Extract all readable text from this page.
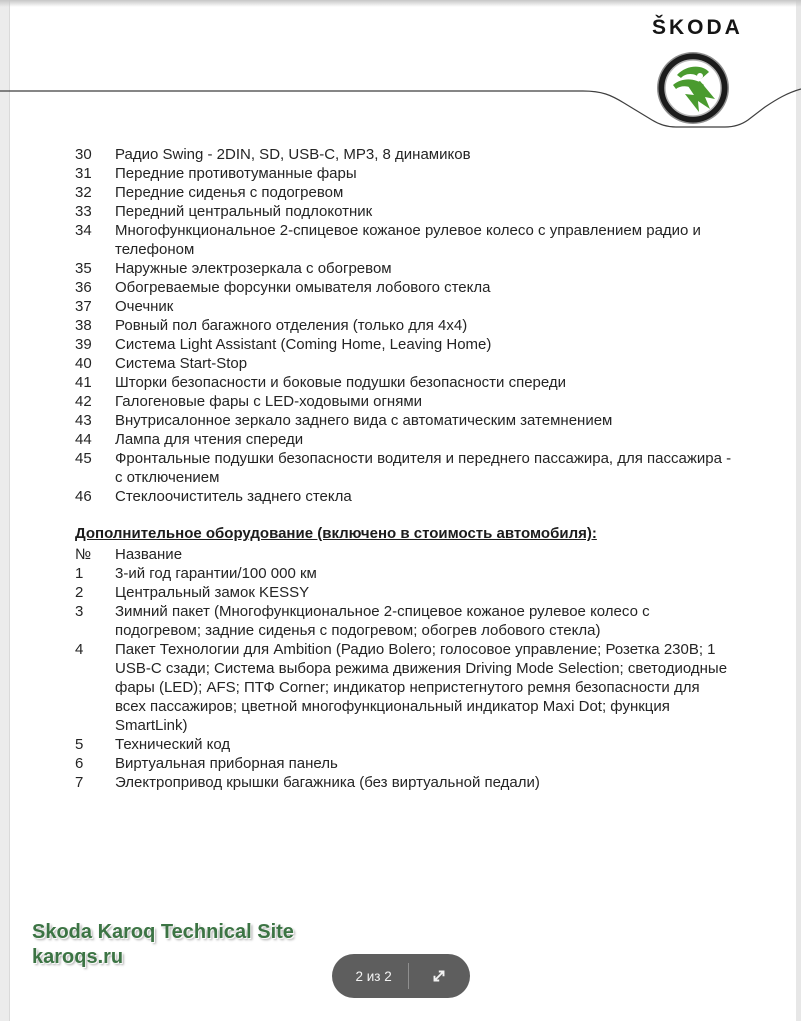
ŠKODA
30	Радио Swing - 2DIN, SD, USB-C, MP3, 8 динамиков
31	Передние противотуманные фары
32	Передние сиденья с подогревом
33	Передний центральный подлокотник
34	Многофункциональное 2-спицевое кожаное рулевое колесо с управлением радио и телефоном
35	Наружные электрозеркала с обогревом
36	Обогреваемые форсунки омывателя лобового стекла
37	Очечник
38	Ровный пол багажного отделения (только для 4x4)
39	Система Light Assistant (Coming Home, Leaving Home)
40	Система Start-Stop
41	Шторки безопасности и боковые подушки безопасности спереди
42	Галогеновые фары с LED-ходовыми огнями
43	Внутрисалонное зеркало заднего вида с автоматическим затемнением
44	Лампа для чтения спереди
45	Фронтальные подушки безопасности водителя и переднего пассажира, для пассажира - с отключением
46	Стеклоочиститель заднего стекла
Дополнительное оборудование (включено в стоимость автомобиля):
№	Название
1	3-ий год гарантии/100 000 км
2	Центральный замок KESSY
3	Зимний пакет (Многофункциональное 2-спицевое кожаное рулевое колесо с подогревом; задние сиденья с подогревом; обогрев лобового стекла)
4	Пакет Технологии для Ambition (Радио Bolero; голосовое управление; Розетка 230В; 1 USB-C сзади; Система выбора режима движения Driving Mode Selection; светодиодные фары (LED); AFS; ПТФ Corner; индикатор непристегнутого ремня безопасности для всех пассажиров; цветной многофункциональный индикатор Maxi Dot; функция SmartLink)
5	Технический код
6	Виртуальная приборная панель
7	Электропривод крышки багажника (без виртуальной педали)
Skoda Karoq Technical Site
karoqs.ru
2 из 2
